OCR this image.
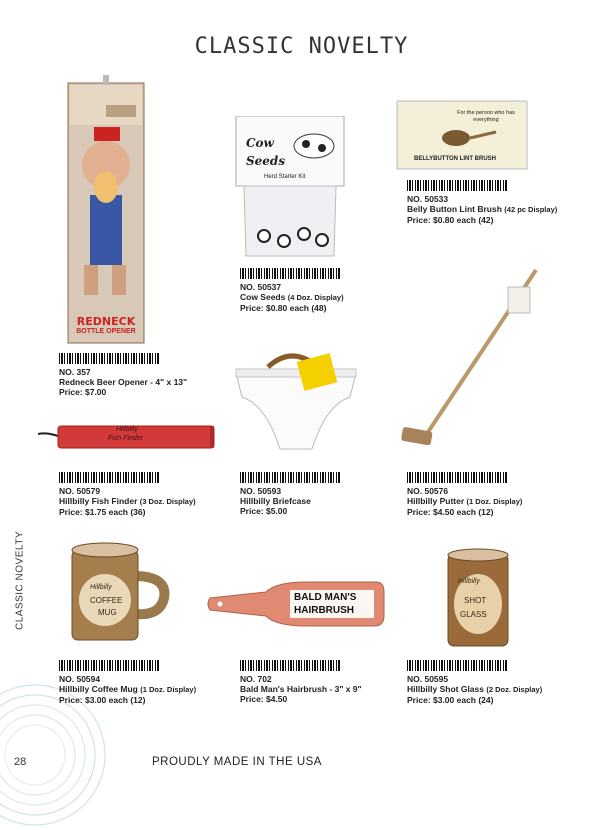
CLASSIC NOVELTY
CLASSIC NOVELTY
28	PROUDLY MADE IN THE USA
REDNECK
BOTTLE OPENER
NO. 357
Redneck Beer Opener - 4" x 13"
Price: $7.00
Cow
Seeds
Herd Starter Kit
NO. 50537
Cow Seeds (4 Doz. Display)
Price: $0.80 each (48)
For the person who has everything
BELLYBUTTON LINT BRUSH
NO. 50533
Belly Button Lint Brush (42 pc Display)
Price: $0.80 each (42)
Hillbilly
Fish Finder
NO. 50579
Hillbilly Fish Finder (3 Doz. Display)
Price: $1.75 each (36)
NO. 50593
Hillbilly Briefcase
Price: $5.00
NO. 50576
Hillbilly Putter (1 Doz. Display)
Price: $4.50 each (12)
Hillbilly
COFFEE
MUG
NO. 50594
Hillbilly Coffee Mug (1 Doz. Display)
Price: $3.00 each (12)
BALD MAN'S
HAIRBRUSH
NO. 702
Bald Man's Hairbrush - 3" x 9"
Price: $4.50
Hillbilly
SHOT
GLASS
NO. 50595
Hillbilly Shot Glass (2 Doz. Display)
Price: $3.00 each (24)
